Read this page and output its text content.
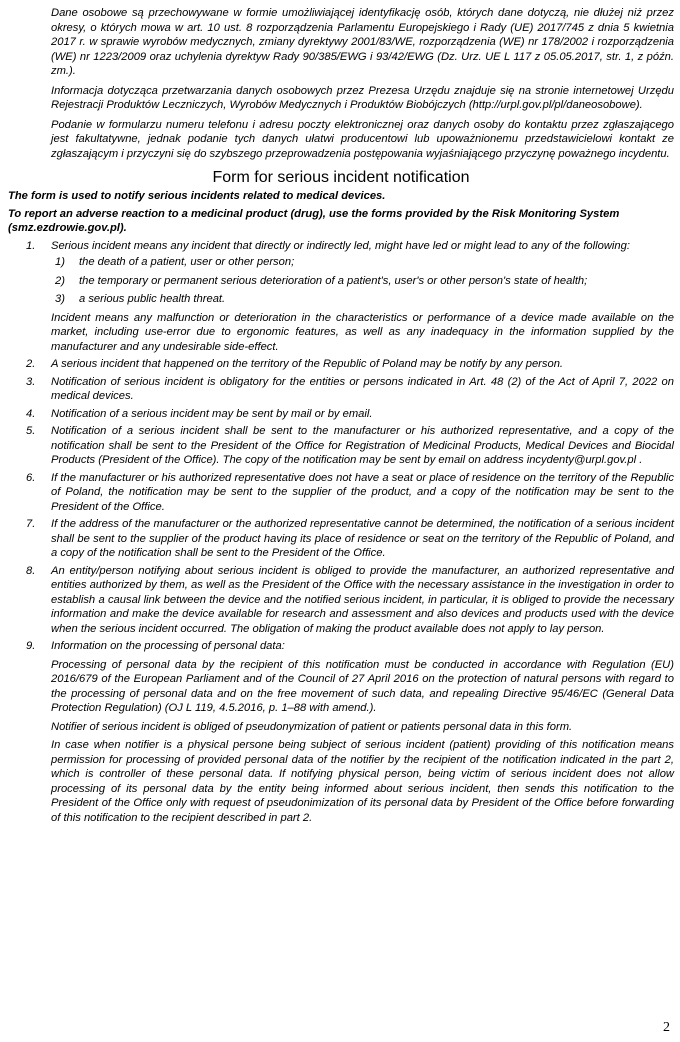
Dane osobowe są przechowywane w formie umożliwiającej identyfikację osób, których dane dotyczą, nie dłużej niż przez okresy, o których mowa w art. 10 ust. 8 rozporządzenia Parlamentu Europejskiego i Rady (UE) 2017/745 z dnia 5 kwietnia 2017 r. w sprawie wyrobów medycznych, zmiany dyrektywy 2001/83/WE, rozporządzenia (WE) nr 178/2002 i rozporządzenia (WE) nr 1223/2009 oraz uchylenia dyrektyw Rady 90/385/EWG i 93/42/EWG (Dz. Urz. UE L 117 z 05.05.2017, str. 1, z późn. zm.).

Informacja dotycząca przetwarzania danych osobowych przez Prezesa Urzędu znajduje się na stronie internetowej Urzędu Rejestracji Produktów Leczniczych, Wyrobów Medycznych i Produktów Biobójczych (http://urpl.gov.pl/pl/daneosobowe).

Podanie w formularzu numeru telefonu i adresu poczty elektronicznej oraz danych osoby do kontaktu przez zgłaszającego jest fakultatywne, jednak podanie tych danych ułatwi producentowi lub upoważnionemu przedstawicielowi kontakt ze zgłaszającym i przyczyni się do szybszego przeprowadzenia postępowania wyjaśniającego przyczynę poważnego incydentu.

Form for serious incident notification

The form is used to notify serious incidents related to medical devices.

To report an adverse reaction to a medicinal product (drug), use the forms provided by the Risk Monitoring System (smz.ezdrowie.gov.pl).

1. Serious incident means any incident that directly or indirectly led, might have led or might lead to any of the following:

1) the death of a patient, user or other person;

2) the temporary or permanent serious deterioration of a patient's, user's or other person's state of health;

3) a serious public health threat.

Incident means any malfunction or deterioration in the characteristics or performance of a device made available on the market, including use-error due to ergonomic features, as well as any inadequacy in the information supplied by the manufacturer and any undesirable side-effect.

2. A serious incident that happened on the territory of the Republic of Poland may be notify by any person.

3. Notification of serious incident is obligatory for the entities or persons indicated in Art. 48 (2) of the Act of April 7, 2022 on medical devices.

4. Notification of a serious incident may be sent by mail or by email.

5. Notification of a serious incident shall be sent to the manufacturer or his authorized representative, and a copy of the notification shall be sent to the President of the Office for Registration of Medicinal Products, Medical Devices and Biocidal Products (President of the Office). The copy of the notification may be sent by email on address incydenty@urpl.gov.pl .

6. If the manufacturer or his authorized representative does not have a seat or place of residence on the territory of the Republic of Poland, the notification may be sent to the supplier of the product, and a copy of the notification may be sent to the President of the Office.

7. If the address of the manufacturer or the authorized representative cannot be determined, the notification of a serious incident shall be sent to the supplier of the product having its place of residence or seat on the territory of the Republic of Poland, and a copy of the notification shall be sent to the President of the Office.

8. An entity/person notifying about serious incident is obliged to provide the manufacturer, an authorized representative and entities authorized by them, as well as the President of the Office with the necessary assistance in the investigation in order to establish a causal link between the device and the notified serious incident, in particular, it is obliged to provide the necessary information and make the device available for research and assessment and also devices and products used with the device when the serious incident occurred. The obligation of making the product available does not apply to lay person.

9. Information on the processing of personal data:

Processing of personal data by the recipient of this notification must be conducted in accordance with Regulation (EU) 2016/679 of the European Parliament and of the Council of 27 April 2016 on the protection of natural persons with regard to the processing of personal data and on the free movement of such data, and repealing Directive 95/46/EC (General Data Protection Regulation) (OJ L 119, 4.5.2016, p. 1–88 with amend.).

Notifier of serious incident is obliged of pseudonymization of patient or patients personal data in this form.

In case when notifier is a physical persone being subject of serious incident (patient) providing of this notification means permission for processing of provided personal data of the notifier by the recipient of the notification indicated in the part 2, which is controller of these personal data. If notifying physical person, being victim of serious incident does not allow processing of its personal data by the entity being informed about serious incident, then sends this notification to the President of the Office only with request of pseudonimization of its personal data by President of the Office before forwarding of this notification to the recipient described in part 2.

2
